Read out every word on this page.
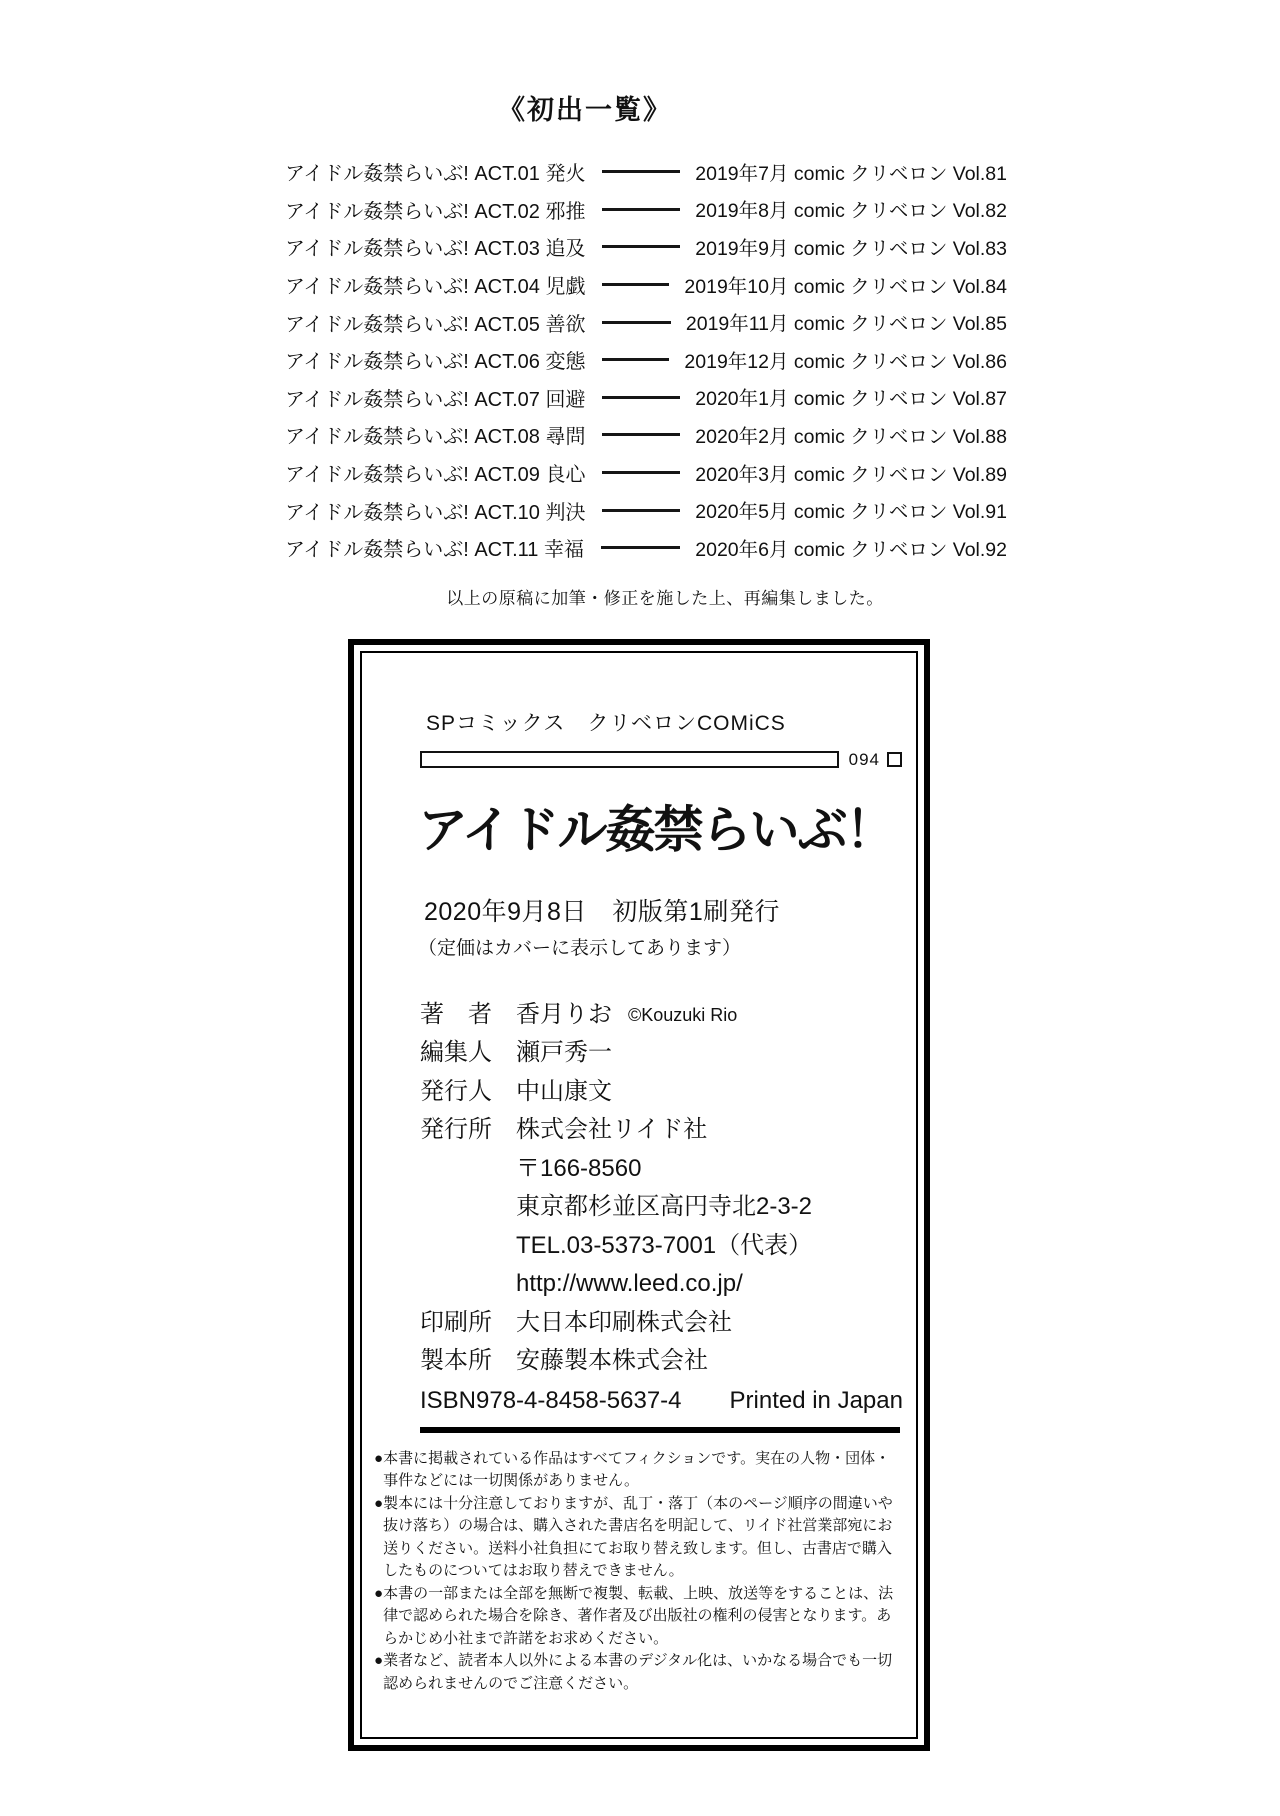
《初出一覧》
アイドル姦禁らいぶ! ACT.01 発火	2019年7月 comic クリベロン Vol.81
アイドル姦禁らいぶ! ACT.02 邪推	2019年8月 comic クリベロン Vol.82
アイドル姦禁らいぶ! ACT.03 追及	2019年9月 comic クリベロン Vol.83
アイドル姦禁らいぶ! ACT.04 児戯	2019年10月 comic クリベロン Vol.84
アイドル姦禁らいぶ! ACT.05 善欲	2019年11月 comic クリベロン Vol.85
アイドル姦禁らいぶ! ACT.06 変態	2019年12月 comic クリベロン Vol.86
アイドル姦禁らいぶ! ACT.07 回避	2020年1月 comic クリベロン Vol.87
アイドル姦禁らいぶ! ACT.08 尋問	2020年2月 comic クリベロン Vol.88
アイドル姦禁らいぶ! ACT.09 良心	2020年3月 comic クリベロン Vol.89
アイドル姦禁らいぶ! ACT.10 判決	2020年5月 comic クリベロン Vol.91
アイドル姦禁らいぶ! ACT.11 幸福	2020年6月 comic クリベロン Vol.92
以上の原稿に加筆・修正を施した上、再編集しました。
SPコミックス　クリベロンCOMiCS
094
アイドル姦禁らいぶ！
2020年9月8日　初版第1刷発行
（定価はカバーに表示してあります）
著　者	香月りお ©Kouzuki Rio
編集人	瀬戸秀一
発行人	中山康文
発行所	株式会社リイド社
〒166-8560
東京都杉並区高円寺北2-3-2
TEL.03-5373-7001（代表）
http://www.leed.co.jp/
印刷所	大日本印刷株式会社
製本所	安藤製本株式会社
ISBN978-4-8458-5637-4 Printed in Japan
● 本書に掲載されている作品はすべてフィクションです。実在の人物・団体・事件などには一切関係がありません。
● 製本には十分注意しておりますが、乱丁・落丁（本のページ順序の間違いや抜け落ち）の場合は、購入された書店名を明記して、リイド社営業部宛にお送りください。送料小社負担にてお取り替え致します。但し、古書店で購入したものについてはお取り替えできません。
● 本書の一部または全部を無断で複製、転載、上映、放送等をすることは、法律で認められた場合を除き、著作者及び出版社の権利の侵害となります。あらかじめ小社まで許諾をお求めください。
● 業者など、読者本人以外による本書のデジタル化は、いかなる場合でも一切認められませんのでご注意ください。
